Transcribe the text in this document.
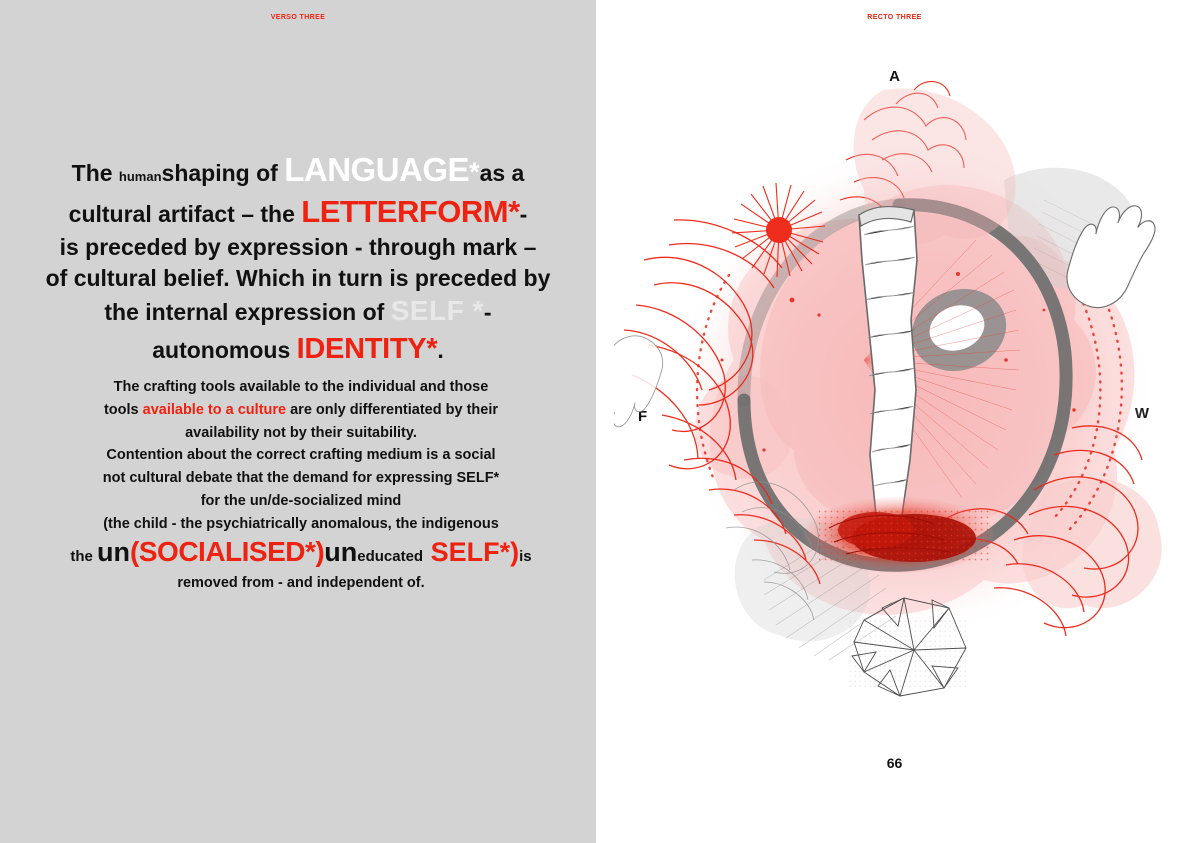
VERSO THREE
The humanshaping of LANGUAGE*as a
cultural artifact – the LETTERFORM*-
is preceded by expression - through mark –
of cultural belief. Which in turn is preceded by
the internal expression of SELF *-
autonomous IDENTITY*.

The crafting tools available to the individual and those

tools available to a culture are only differentiated by their

availability not by their suitability.

Contention about the correct crafting medium is a social

not cultural debate that the demand for expressing SELF*

for the un/de-socialized mind

(the child - the psychiatrically anomalous, the indigenous

the un(SOCIALISED*)uneducated SELF*)is

removed from - and independent of.

RECTO THREE
A
F
66
